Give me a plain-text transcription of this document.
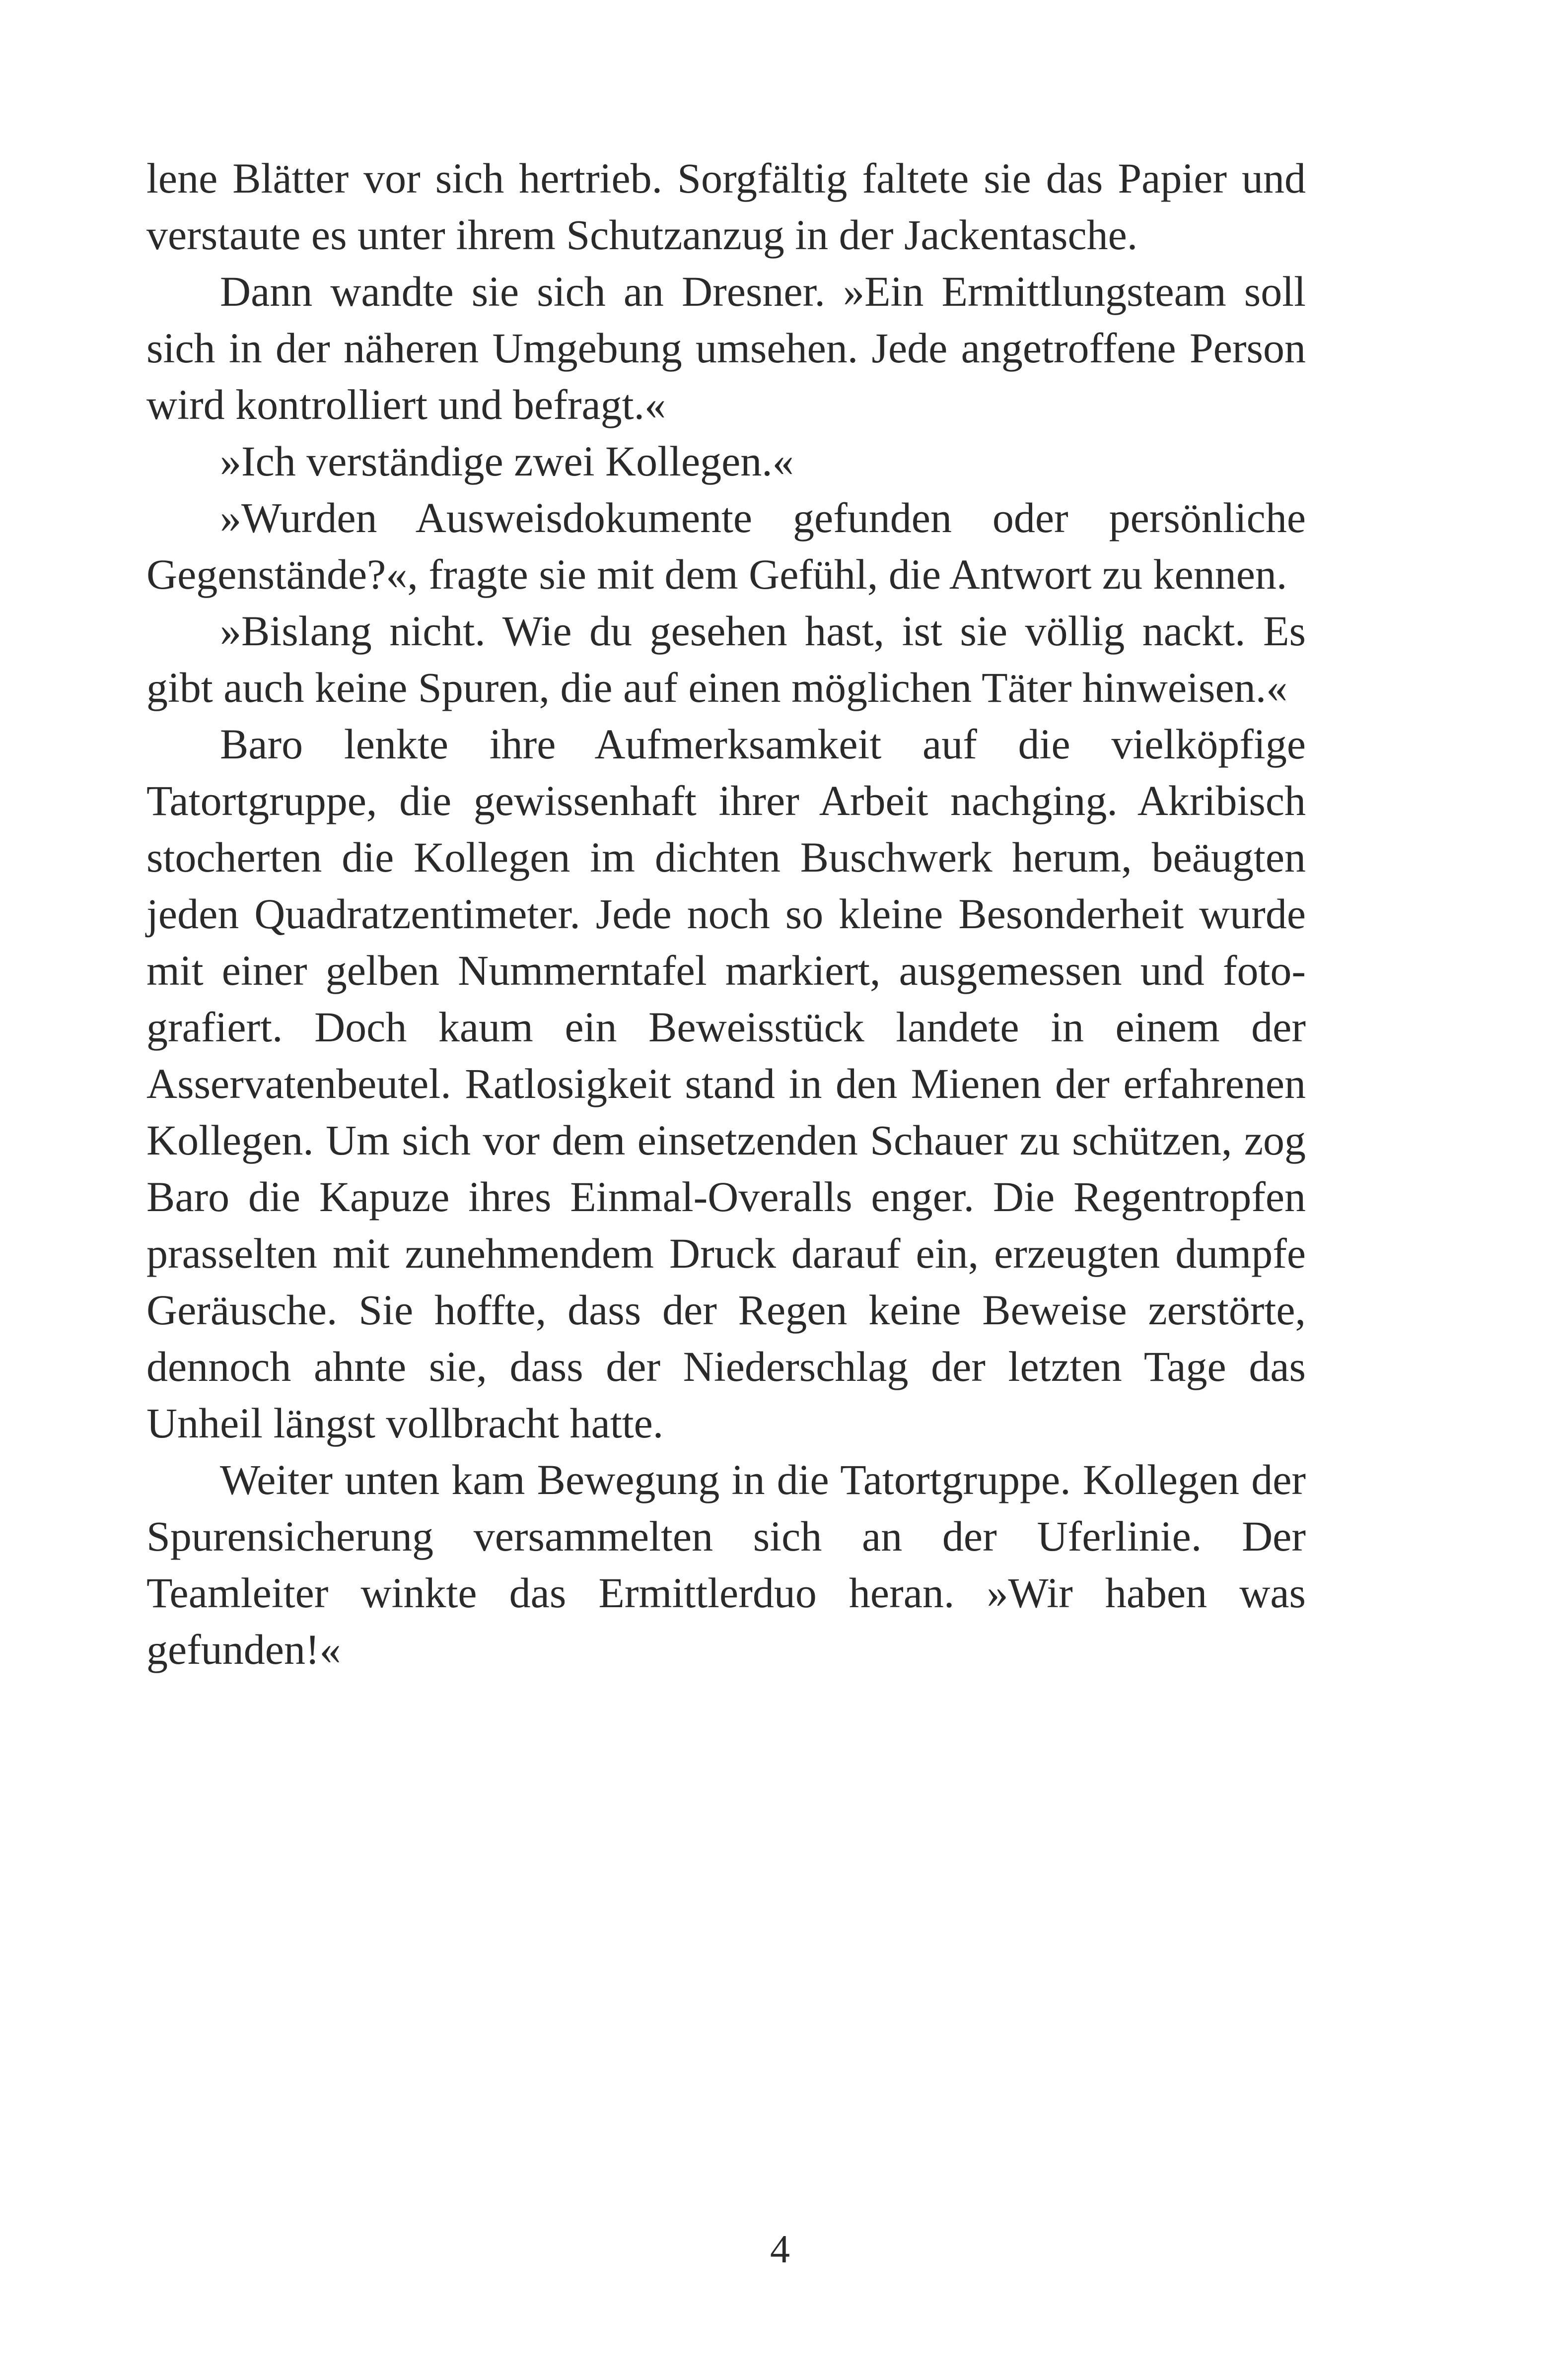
lene Blätter vor sich hertrieb. Sorgfältig faltete sie das Papier und verstaute es unter ihrem Schutzanzug in der Jackentasche.

Dann wandte sie sich an Dresner. »Ein Ermittlungsteam soll sich in der näheren Umgebung umsehen. Jede angetroffene Person wird kontrolliert und befragt.«

»Ich verständige zwei Kollegen.«

»Wurden Ausweisdokumente gefunden oder persönliche Gegenstände?«, fragte sie mit dem Gefühl, die Antwort zu kennen.

»Bislang nicht. Wie du gesehen hast, ist sie völlig nackt. Es gibt auch keine Spuren, die auf einen möglichen Täter hinweisen.«

Baro lenkte ihre Aufmerksamkeit auf die vielköpfige Tatortgruppe, die gewissenhaft ihrer Arbeit nachging. Akribisch stocherten die Kollegen im dichten Buschwerk herum, beäugten jeden Quadratzentimeter. Jede noch so kleine Besonderheit wurde mit einer gelben Nummerntafel markiert, ausgemessen und fotografiert. Doch kaum ein Beweisstück landete in einem der Asservatenbeutel. Ratlosigkeit stand in den Mienen der erfahrenen Kollegen. Um sich vor dem einsetzenden Schauer zu schützen, zog Baro die Kapuze ihres Einmal-Overalls enger. Die Regentropfen prasselten mit zunehmendem Druck darauf ein, erzeugten dumpfe Geräusche. Sie hoffte, dass der Regen keine Beweise zerstörte, dennoch ahnte sie, dass der Niederschlag der letzten Tage das Unheil längst vollbracht hatte.

Weiter unten kam Bewegung in die Tatortgruppe. Kollegen der Spurensicherung versammelten sich an der Uferlinie. Der Teamleiter winkte das Ermittlerduo heran. »Wir haben was gefunden!«

4
